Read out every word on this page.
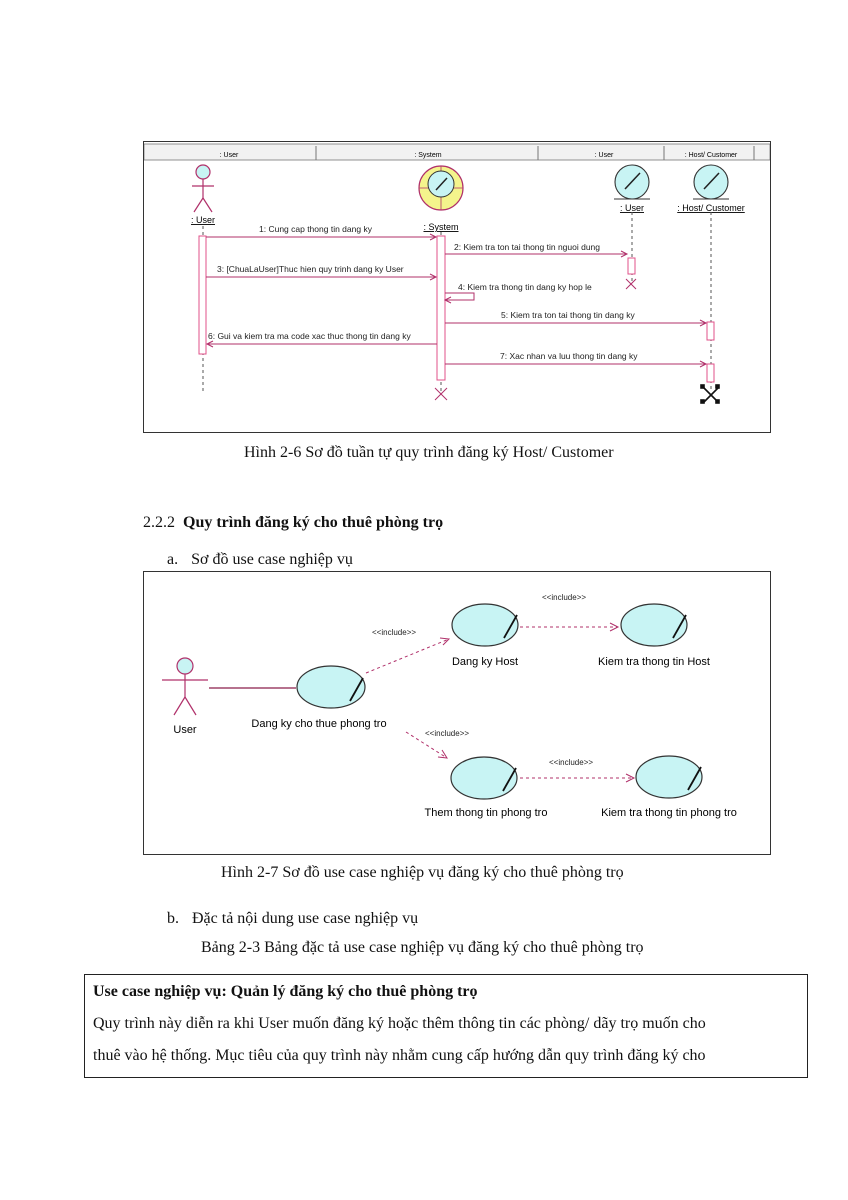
: User	: System	: User	: Host/ Customer
: User
: System
: User	: Host/ Customer
1: Cung cap thong tin dang ky
2: Kiem tra ton tai thong tin nguoi dung
3: [ChuaLaUser]Thuc hien quy trinh dang ky User
4: Kiem tra thong tin dang ky hop le
5: Kiem tra ton tai thong tin dang ky
6: Gui va kiem tra ma code xac thuc thong tin dang ky
7: Xac nhan va luu thong tin dang ky
Hình 2-6 Sơ đồ tuần tự quy trình đăng ký Host/ Customer
2.2.2 Quy trình đăng ký cho thuê phòng trọ
a. Sơ đồ use case nghiệp vụ
User	Dang ky cho thue phong tro
Dang ky Host	Kiem tra thong tin Host
Them thong tin phong tro	Kiem tra thong tin phong tro
<<include>>
<<include>>
<<include>>
<<include>>
Hình 2-7 Sơ đồ use case nghiệp vụ đăng ký cho thuê phòng trọ
b. Đặc tả nội dung use case nghiệp vụ
Bảng 2-3 Bảng đặc tả use case nghiệp vụ đăng ký cho thuê phòng trọ
Use case nghiệp vụ: Quản lý đăng ký cho thuê phòng trọ
Quy trình này diễn ra khi User muốn đăng ký hoặc thêm thông tin các phòng/ dãy trọ muốn cho
thuê vào hệ thống. Mục tiêu của quy trình này nhằm cung cấp hướng dẫn quy trình đăng ký cho
